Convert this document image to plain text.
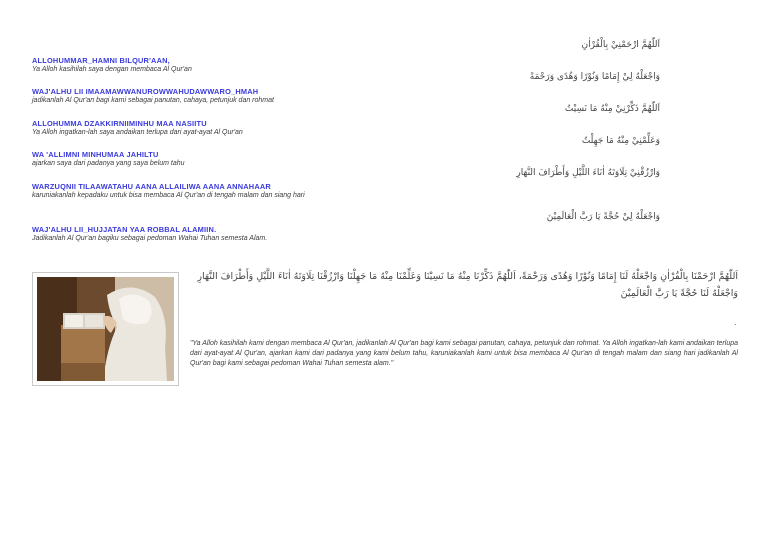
ALLOHUMMAR_HAMNI BILQUR'AAN,
Ya Alloh kasihilah saya dengan membaca Al Qur'an
WAJ'ALHU LII IMAAMAWWANUROWWAHUDAWWARO_HMAH
jadikanlah Al Qur'an bagi kami sebagai panutan, cahaya, petunjuk dan rohmat
ALLOHUMMA DZAKKIRNIIMINHU MAA NASIITU
Ya Alloh ingatkan-lah saya andaikan terlupa dari ayat-ayat Al Qur'an
WA 'ALLIMNI MINHUMAA JAHILTU
ajarkan saya dari padanya yang saya belum tahu
WARZUQNII TILAAWATAHU AANA ALLAILIWA AANA ANNAHAAR
karuniakanlah kepadaku untuk bisa membaca Al Qur'an di tengah malam dan siang hari
WAJ'ALHU LII_HUJJATAN YAA ROBBAL ALAMIIN.
Jadikanlah Al Qur'an bagiku sebagai pedoman Wahai Tuhan semesta Alam.
اَللّٰهُمَّ ارْحَمْنِيْ بِالْقُرْاٰنِ
وَاجْعَلْهُ لِيْ إِمَامًا وَنُوْرًا وَهُدًى وَرَحْمَةً
اَللّٰهُمَّ ذَكِّرْنِيْ مِنْهُ مَا نَسِيْتُ
وَعَلِّمْنِيْ مِنْهُ مَا جَهِلْتُ
وَارْزُقْنِيْ تِلَاوَتَهُ اٰنَاءَ اللَّيْلِ وَأَطْرَافَ النَّهَارِ
وَاجْعَلْهُ لِيْ حُجَّةً يَا رَبَّ الْعَالَمِيْنَ
اَللّٰهُمَّ ارْحَمْنَا بِالْقُرْاٰنِ وَاجْعَلْهُ لَنَا إِمَامًا وَنُوْرًا وَهُدًى وَرَحْمَةً، اَللّٰهُمَّ ذَكِّرْنَا مِنْهُ مَا نَسِيْنَا وَعَلِّمْنَا مِنْهُ مَا جَهِلْنَا وَارْزُقْنَا تِلَاوَتَهُ اٰنَاءَ اللَّيْلِ وَأَطْرَافَ النَّهَارِ وَاجْعَلْهُ لَنَا حُجَّةً يَا رَبَّ الْعَالَمِيْنَ
.
"Ya Alloh kasihilah kami dengan membaca Al Qur'an, jadikanlah Al Qur'an bagi kami sebagai panutan, cahaya, petunjuk dan rohmat. Ya Alloh ingatkan-lah kami andaikan terlupa dari ayat-ayat Al Qur'an, ajarkan kami dari padanya yang kami belum tahu, karuniakanlah kami untuk bisa membaca Al Qur'an di tengah malam dan siang hari jadikanlah Al Qur'an bagi kami sebagai pedoman Wahai Tuhan semesta alam."
